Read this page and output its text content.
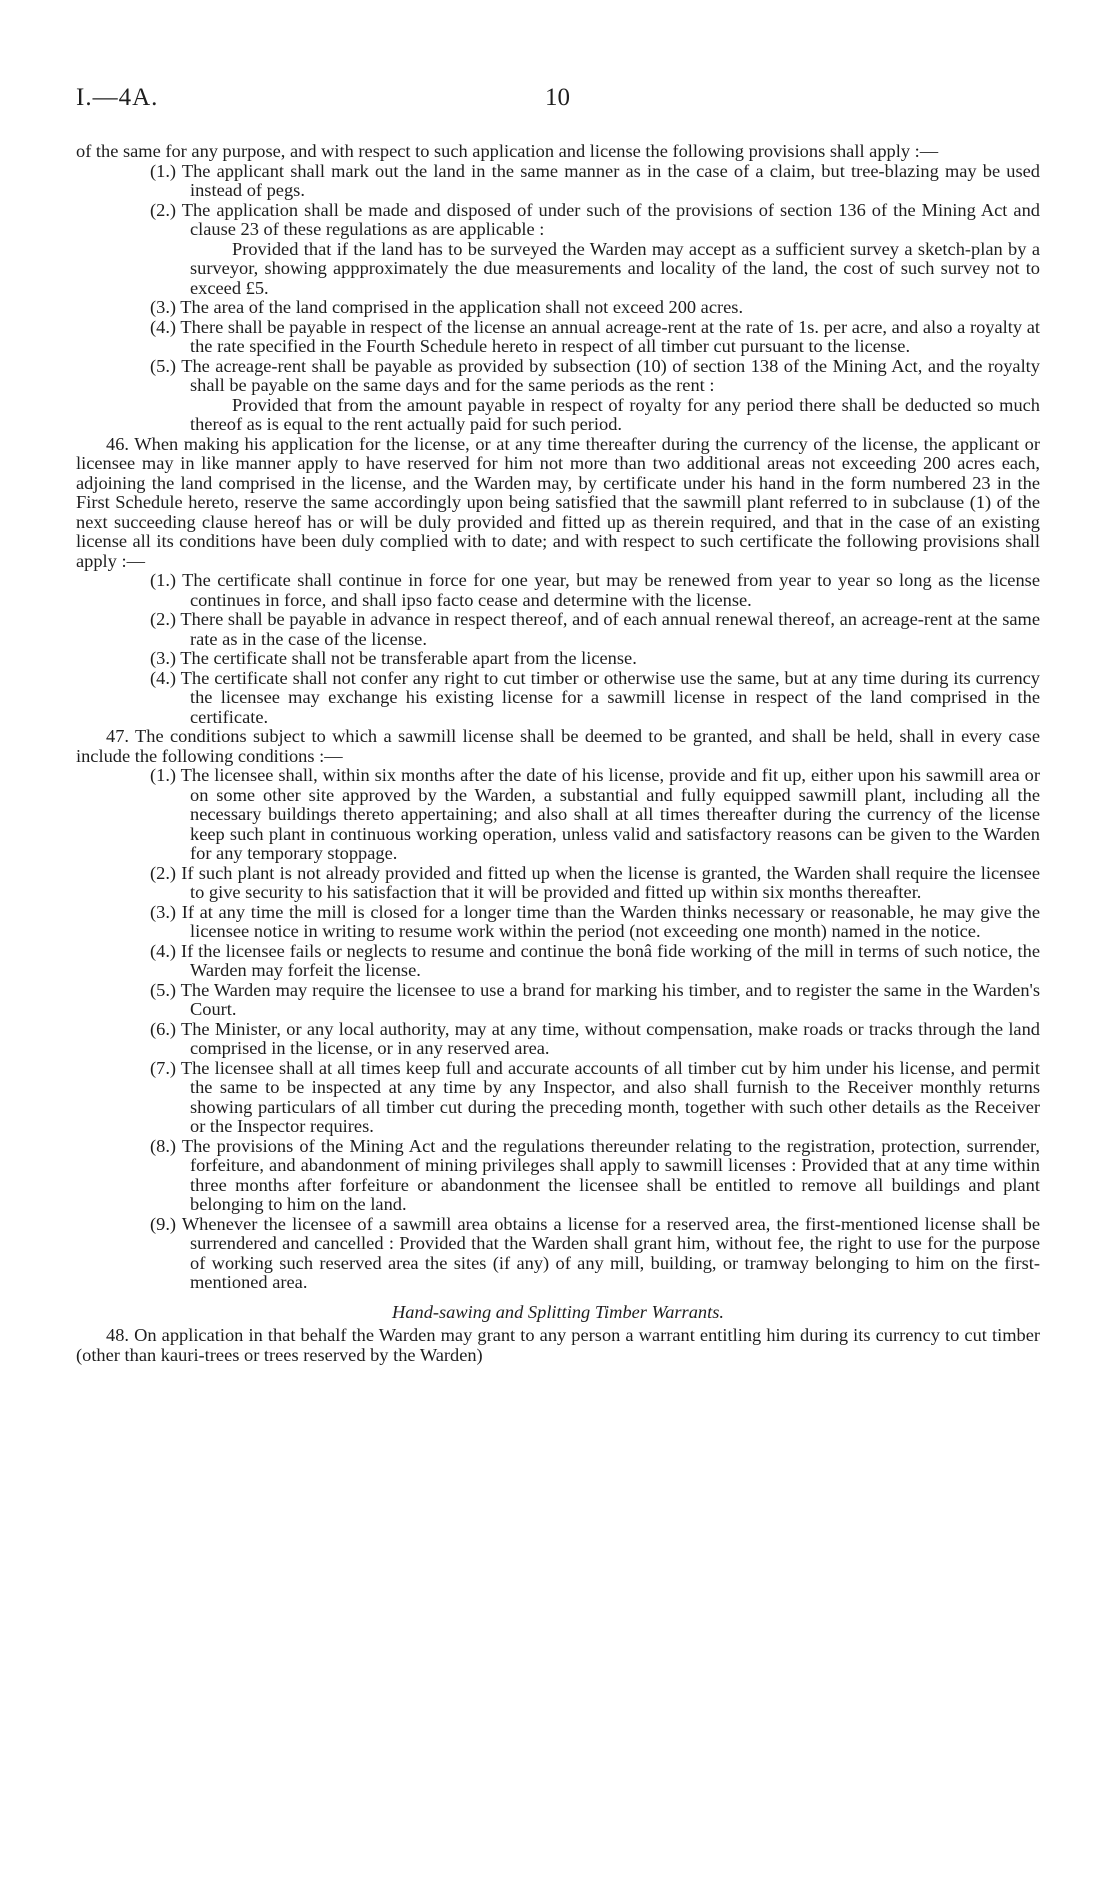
I.—4A.	10

of the same for any purpose, and with respect to such application and license the following provisions shall apply :—

(1.) The applicant shall mark out the land in the same manner as in the case of a claim, but tree-blazing may be used instead of pegs.

(2.) The application shall be made and disposed of under such of the provisions of section 136 of the Mining Act and clause 23 of these regulations as are applicable :

Provided that if the land has to be surveyed the Warden may accept as a sufficient survey a sketch-plan by a surveyor, showing appproximately the due measurements and locality of the land, the cost of such survey not to exceed £5.

(3.) The area of the land comprised in the application shall not exceed 200 acres.

(4.) There shall be payable in respect of the license an annual acreage-rent at the rate of 1s. per acre, and also a royalty at the rate specified in the Fourth Schedule hereto in respect of all timber cut pursuant to the license.

(5.) The acreage-rent shall be payable as provided by subsection (10) of section 138 of the Mining Act, and the royalty shall be payable on the same days and for the same periods as the rent :

Provided that from the amount payable in respect of royalty for any period there shall be deducted so much thereof as is equal to the rent actually paid for such period.

46. When making his application for the license, or at any time thereafter during the currency of the license, the applicant or licensee may in like manner apply to have reserved for him not more than two additional areas not exceeding 200 acres each, adjoining the land comprised in the license, and the Warden may, by certificate under his hand in the form numbered 23 in the First Schedule hereto, reserve the same accordingly upon being satisfied that the sawmill plant referred to in subclause (1) of the next succeeding clause hereof has or will be duly provided and fitted up as therein required, and that in the case of an existing license all its conditions have been duly complied with to date; and with respect to such certificate the following provisions shall apply :—

(1.) The certificate shall continue in force for one year, but may be renewed from year to year so long as the license continues in force, and shall ipso facto cease and determine with the license.

(2.) There shall be payable in advance in respect thereof, and of each annual renewal thereof, an acreage-rent at the same rate as in the case of the license.

(3.) The certificate shall not be transferable apart from the license.

(4.) The certificate shall not confer any right to cut timber or otherwise use the same, but at any time during its currency the licensee may exchange his existing license for a sawmill license in respect of the land comprised in the certificate.

47. The conditions subject to which a sawmill license shall be deemed to be granted, and shall be held, shall in every case include the following conditions :—

(1.) The licensee shall, within six months after the date of his license, provide and fit up, either upon his sawmill area or on some other site approved by the Warden, a substantial and fully equipped sawmill plant, including all the necessary buildings thereto appertaining; and also shall at all times thereafter during the currency of the license keep such plant in continuous working operation, unless valid and satisfactory reasons can be given to the Warden for any temporary stoppage.

(2.) If such plant is not already provided and fitted up when the license is granted, the Warden shall require the licensee to give security to his satisfaction that it will be provided and fitted up within six months thereafter.

(3.) If at any time the mill is closed for a longer time than the Warden thinks necessary or reasonable, he may give the licensee notice in writing to resume work within the period (not exceeding one month) named in the notice.

(4.) If the licensee fails or neglects to resume and continue the bonâ fide working of the mill in terms of such notice, the Warden may forfeit the license.

(5.) The Warden may require the licensee to use a brand for marking his timber, and to register the same in the Warden's Court.

(6.) The Minister, or any local authority, may at any time, without compensation, make roads or tracks through the land comprised in the license, or in any reserved area.

(7.) The licensee shall at all times keep full and accurate accounts of all timber cut by him under his license, and permit the same to be inspected at any time by any Inspector, and also shall furnish to the Receiver monthly returns showing particulars of all timber cut during the preceding month, together with such other details as the Receiver or the Inspector requires.

(8.) The provisions of the Mining Act and the regulations thereunder relating to the registration, protection, surrender, forfeiture, and abandonment of mining privileges shall apply to sawmill licenses : Provided that at any time within three months after forfeiture or abandonment the licensee shall be entitled to remove all buildings and plant belonging to him on the land.

(9.) Whenever the licensee of a sawmill area obtains a license for a reserved area, the first-mentioned license shall be surrendered and cancelled : Provided that the Warden shall grant him, without fee, the right to use for the purpose of working such reserved area the sites (if any) of any mill, building, or tramway belonging to him on the first-mentioned area.

Hand-sawing and Splitting Timber Warrants.

48. On application in that behalf the Warden may grant to any person a warrant entitling him during its currency to cut timber (other than kauri-trees or trees reserved by the Warden)
